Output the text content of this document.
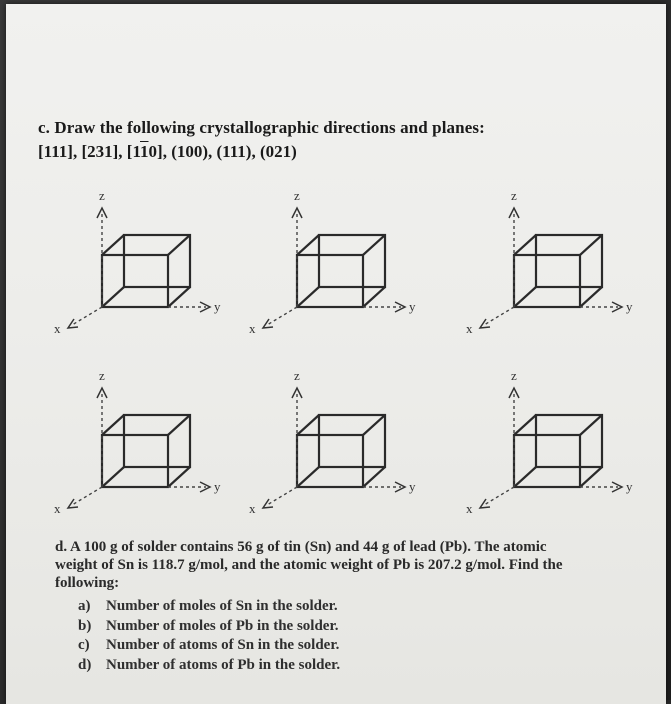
c. Draw the following crystallographic directions and planes:
[111], [231], [110], (100), (111), (021)
z
y
x
z
y
x
z
y
x
z
y
x
z
y
x
z
y
x

d. A 100 g of solder contains 56 g of tin (Sn) and 44 g of lead (Pb). The atomic

weight of Sn is 118.7 g/mol, and the atomic weight of Pb is 207.2 g/mol. Find the

following:

a) Number of moles of Sn in the solder.
b) Number of moles of Pb in the solder.
c) Number of atoms of Sn in the solder.
d) Number of atoms of Pb in the solder.
